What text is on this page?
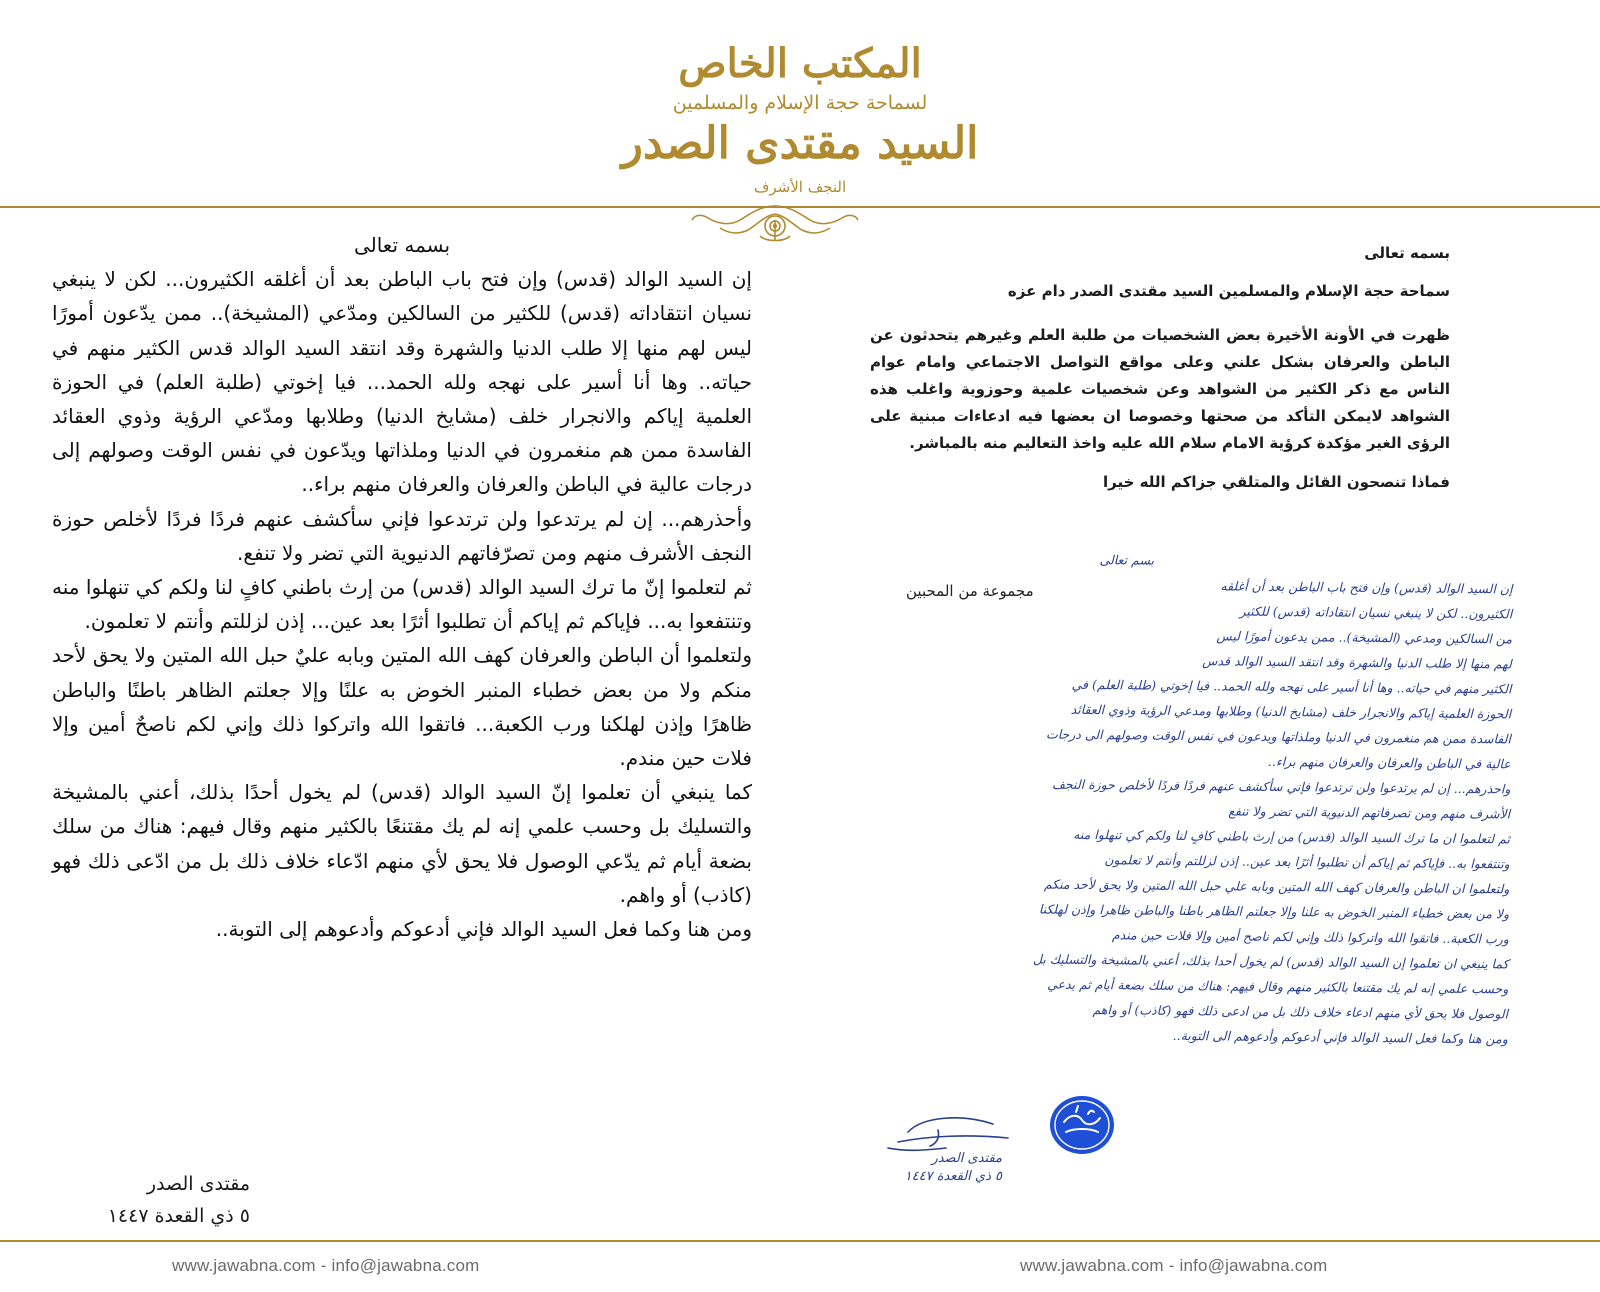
المكتب الخاص
لسماحة حجة الإسلام والمسلمين
السيد مقتدى الصدر
النجف الأشرف

بسمه تعالى

إن السيد الوالد (قدس) وإن فتح باب الباطن بعد أن أغلقه الكثيرون... لكن لا ينبغي نسيان انتقاداته (قدس) للكثير من السالكين ومدّعي (المشيخة).. ممن يدّعون أمورًا ليس لهم منها إلا طلب الدنيا والشهرة وقد انتقد السيد الوالد قدس الكثير منهم في حياته.. وها أنا أسير على نهجه ولله الحمد... فيا إخوتي (طلبة العلم) في الحوزة العلمية إياكم والانجرار خلف (مشايخ الدنيا) وطلابها ومدّعي الرؤية وذوي العقائد الفاسدة ممن هم منغمرون في الدنيا وملذاتها ويدّعون في نفس الوقت وصولهم إلى درجات عالية في الباطن والعرفان والعرفان منهم براء..

وأحذرهم... إن لم يرتدعوا ولن ترتدعوا فإني سأكشف عنهم فردًا فردًا لأخلص حوزة النجف الأشرف منهم ومن تصرّفاتهم الدنيوية التي تضر ولا تنفع.

ثم لتعلموا إنّ ما ترك السيد الوالد (قدس) من إرث باطني كافٍ لنا ولكم كي تنهلوا منه وتنتفعوا به... فإياكم ثم إياكم أن تطلبوا أثرًا بعد عين... إذن لزللتم وأنتم لا تعلمون.

ولتعلموا أن الباطن والعرفان كهف الله المتين وبابه عليٌ حبل الله المتين ولا يحق لأحد منكم ولا من بعض خطباء المنبر الخوض به علنًا وإلا جعلتم الظاهر باطنًا والباطن ظاهرًا وإذن لهلكنا ورب الكعبة... فاتقوا الله واتركوا ذلك وإني لكم ناصحٌ أمين وإلا فلات حين مندم.

كما ينبغي أن تعلموا إنّ السيد الوالد (قدس) لم يخول أحدًا بذلك، أعني بالمشيخة والتسليك بل وحسب علمي إنه لم يك مقتنعًا بالكثير منهم وقال فيهم: هناك من سلك بضعة أيام ثم يدّعي الوصول فلا يحق لأي منهم ادّعاء خلاف ذلك بل من ادّعى ذلك فهو (كاذب) أو واهم.

ومن هنا وكما فعل السيد الوالد فإني أدعوكم وأدعوهم إلى التوبة..

مقتدى الصدر
٥ ذي القعدة ١٤٤٧

بسمه تعالى

سماحة حجة الإسلام والمسلمين السيد مقتدى الصدر دام عزه

ظهرت في الأونة الأخيرة بعض الشخصيات من طلبة العلم وغيرهم يتحدثون عن الباطن والعرفان بشكل علني وعلى مواقع التواصل الاجتماعي وامام عوام الناس مع ذكر الكثير من الشواهد وعن شخصيات علمية وحوزوية واغلب هذه الشواهد لايمكن التأكد من صحتها وخصوصا ان بعضها فيه ادعاءات مبنية على الرؤى الغير مؤكدة كرؤية الامام سلام الله عليه واخذ التعاليم منه بالمباشر.

فماذا تنصحون القائل والمتلقي جزاكم الله خيرا

مجموعة من المحبين

بسم تعالى

إن السيد الوالد (قدس) وإن فتح باب الباطن بعد أن أغلقه

الكثيرون.. لكن لا ينبغي نسيان انتقاداته (قدس) للكثير

من السالكين ومدعي (المشيخة).. ممن يدعون أمورًا ليس

لهم منها إلا طلب الدنيا والشهرة وقد انتقد السيد الوالد قدس

الكثير منهم في حياته.. وها أنا أسير على نهجه ولله الحمد.. فيا إخوتي (طلبة العلم) في

الحوزة العلمية إياكم والانجرار خلف (مشايخ الدنيا) وطلابها ومدعي الرؤية وذوي العقائد

الفاسدة ممن هم منغمرون في الدنيا وملذاتها ويدعون في نفس الوقت وصولهم الى درجات

عالية في الباطن والعرفان والعرفان منهم براء..

واحذرهم... إن لم يرتدعوا ولن ترتدعوا فإني سأكشف عنهم فردًا فردًا لأخلص حوزة النجف

الأشرف منهم ومن تصرفاتهم الدنيوية التي تضر ولا تنفع

ثم لتعلموا ان ما ترك السيد الوالد (قدس) من إرث باطني كافٍ لنا ولكم كي تنهلوا منه

وتنتفعوا به.. فإياكم ثم إياكم أن تطلبوا أثرًا بعد عين.. إذن لزللتم وأنتم لا تعلمون

ولتعلموا ان الباطن والعرفان كهف الله المتين وبابه علي حبل الله المتين ولا يحق لأحد منكم

ولا من بعض خطباء المنبر الخوض به علنا وإلا جعلتم الظاهر باطنا والباطن ظاهرا وإذن لهلكنا

ورب الكعبة.. فاتقوا الله واتركوا ذلك وإني لكم ناصح أمين وإلا فلات حين مندم

كما ينبغي ان تعلموا إن السيد الوالد (قدس) لم يخول أحدا بذلك، أعني بالمشيخة والتسليك بل

وحسب علمي إنه لم يك مقتنعا بالكثير منهم وقال فيهم: هناك من سلك بضعة أيام ثم يدعي

الوصول فلا يحق لأي منهم ادعاء خلاف ذلك بل من ادعى ذلك فهو (كاذب) أو واهم

ومن هنا وكما فعل السيد الوالد فإني أدعوكم وأدعوهم الى التوبة..

مقتدى الصدر
٥ ذي القعدة ١٤٤٧
www.jawabna.com - info@jawabna.com	www.jawabna.com - info@jawabna.com
